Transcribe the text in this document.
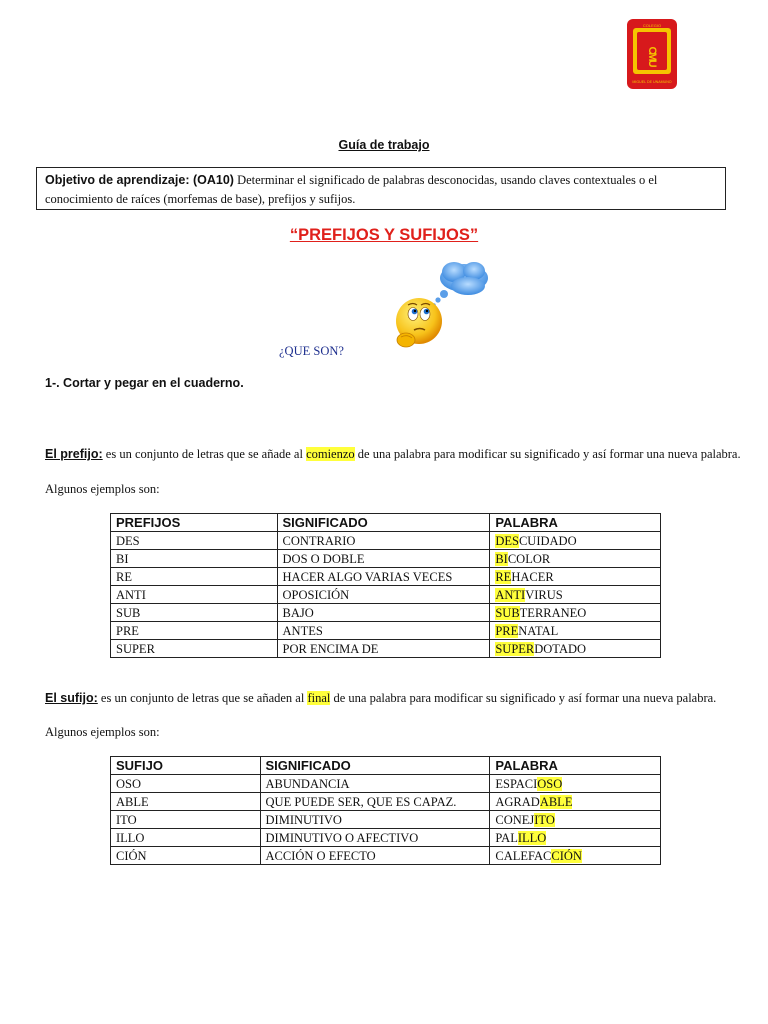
COLEGIO
CMU
MIGUEL DE UNAMUNO
Guía de trabajo
Objetivo de aprendizaje: (OA10) Determinar el significado de palabras desconocidas, usando claves contextuales o el conocimiento de raíces (morfemas de base), prefijos y sufijos.
“PREFIJOS Y SUFIJOS”
¿QUE SON?
1-. Cortar y pegar en el cuaderno.
El prefijo: es un conjunto de letras que se añade al comienzo de una palabra para modificar su significado y así formar una nueva palabra.
Algunos ejemplos son:
PREFIJOS	SIGNIFICADO	PALABRA
DES	CONTRARIO	DESCUIDADO
BI	DOS O DOBLE	BICOLOR
RE	HACER ALGO VARIAS VECES	REHACER
ANTI	OPOSICIÓN	ANTIVIRUS
SUB	BAJO	SUBTERRANEO
PRE	ANTES	PRENATAL
SUPER	POR ENCIMA DE	SUPERDOTADO
El sufijo: es un conjunto de letras que se añaden al final de una palabra para modificar su significado y así formar una nueva palabra.
Algunos ejemplos son:
SUFIJO	SIGNIFICADO	PALABRA
OSO	ABUNDANCIA	ESPACIOSO
ABLE	QUE PUEDE SER, QUE ES CAPAZ.	AGRADABLE
ITO	DIMINUTIVO	CONEJITO
ILLO	DIMINUTIVO O AFECTIVO	PALILLO
CIÓN	ACCIÓN O EFECTO	CALEFACCIÓN
